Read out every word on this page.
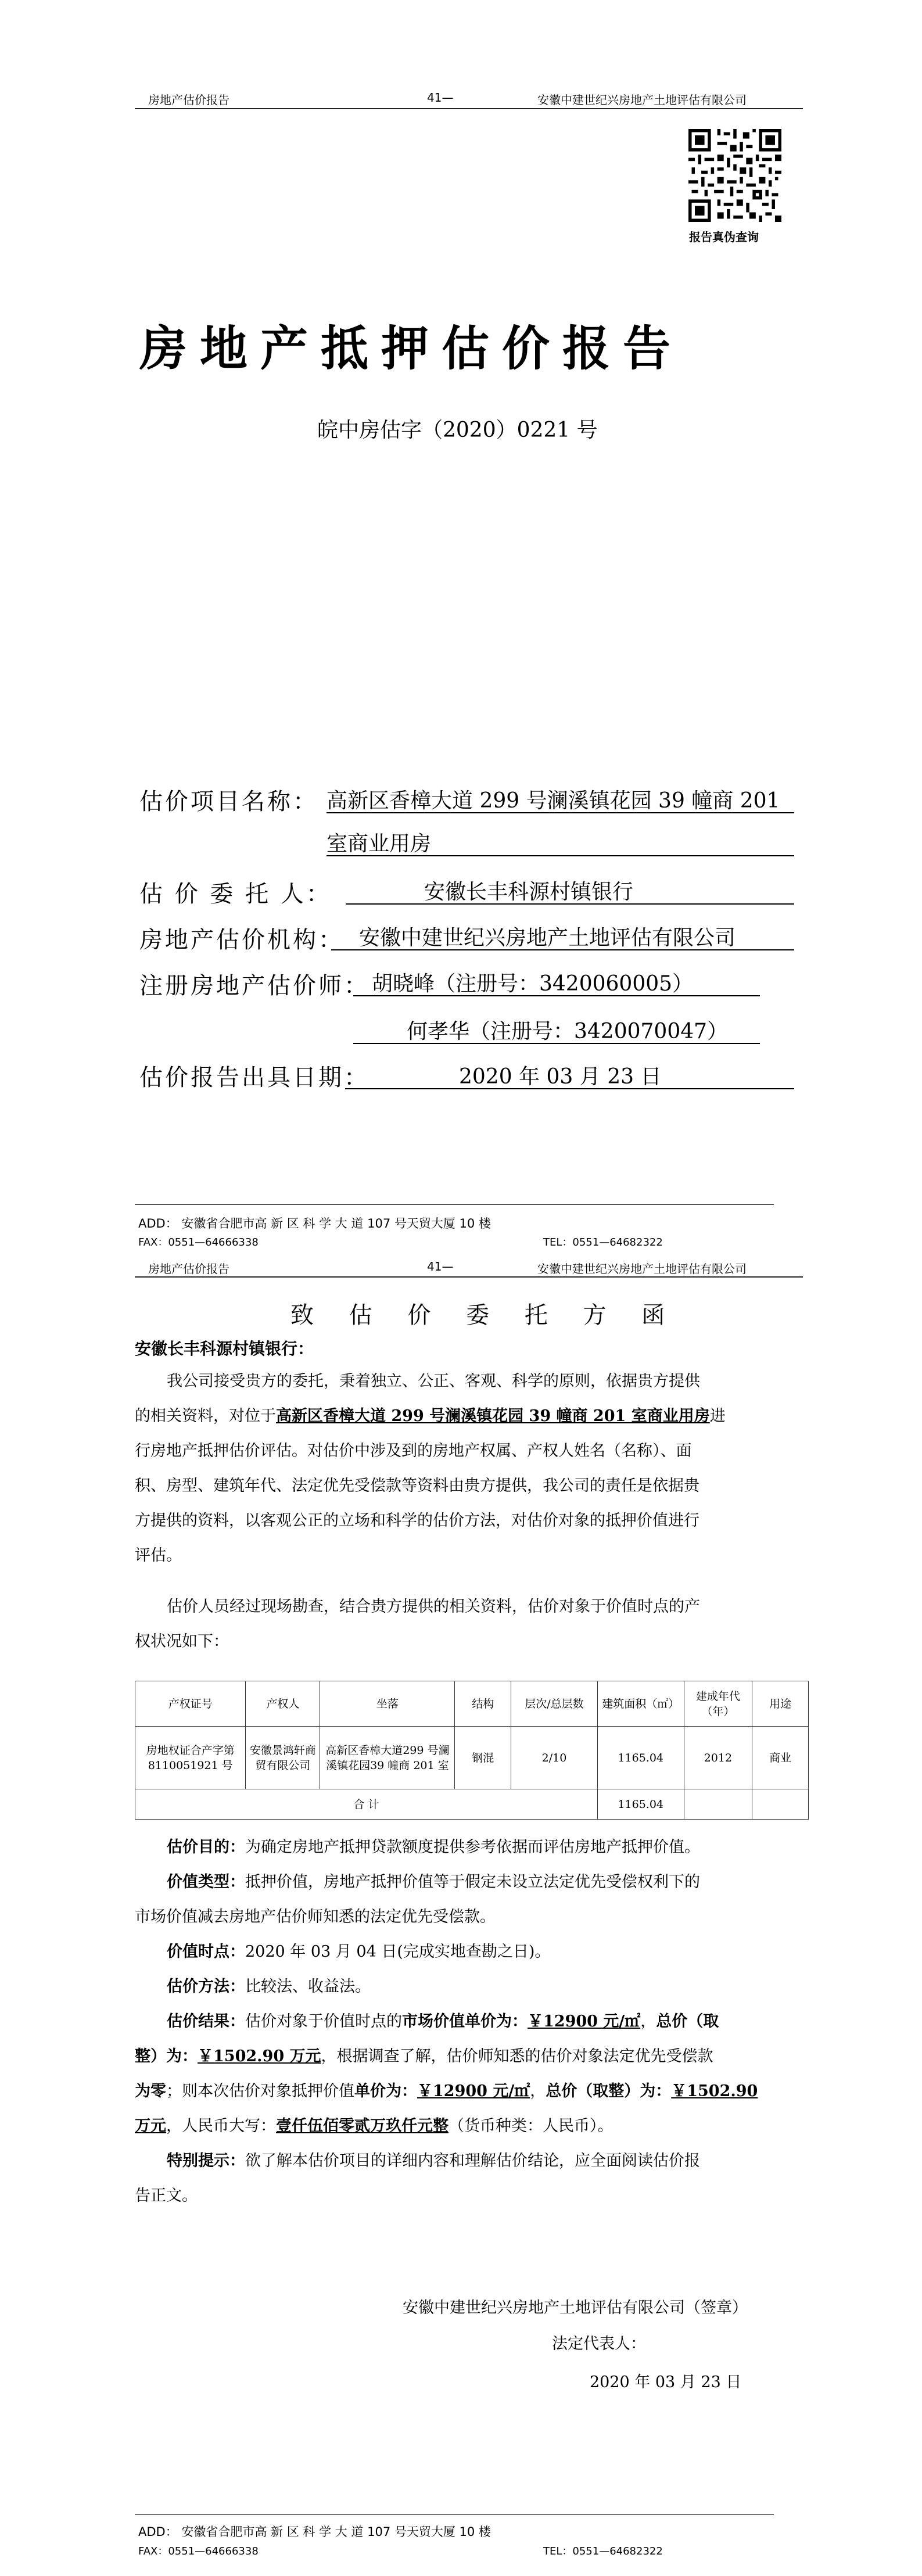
房地产估价报告	41—	安徽中建世纪兴房地产土地评估有限公司
报告真伪查询
房地产抵押估价报告
皖中房估字（2020）0221 号
估价项目名称： 高新区香樟大道 299 号澜溪镇花园 39 幢商 201
室商业用房
估 价 委 托 人：	安徽长丰科源村镇银行
房地产估价机构： 安徽中建世纪兴房地产土地评估有限公司
注册房地产估价师： 胡晓峰（注册号：3420060005）
何孝华（注册号：3420070047）
估价报告出具日期：	2020 年 03 月 23 日
ADD： 安徽省合肥市高 新 区 科 学 大 道 107 号天贸大厦 10 楼
FAX：0551—64666338	TEL：0551—64682322
房地产估价报告	41—	安徽中建世纪兴房地产土地评估有限公司
致 估 价 委 托 方 函
安徽长丰科源村镇银行：
我公司接受贵方的委托，秉着独立、公正、客观、科学的原则，依据贵方提供
的相关资料，对位于高新区香樟大道 299 号澜溪镇花园 39 幢商 201 室商业用房进
行房地产抵押估价评估。对估价中涉及到的房地产权属、产权人姓名（名称）、面
积、房型、建筑年代、法定优先受偿款等资料由贵方提供，我公司的责任是依据贵
方提供的资料，以客观公正的立场和科学的估价方法，对估价对象的抵押价值进行
评估。
估价人员经过现场勘查，结合贵方提供的相关资料，估价对象于价值时点的产
权状况如下：
产权证号	产权人	坐落	结构	层次/总层数	建筑面积（㎡）	建成年代（年）	用途
房地权证合产字第8110051921 号	安徽景鸿轩商贸有限公司	高新区香樟大道299 号澜溪镇花园39 幢商 201 室	钢混	2/10	1165.04	2012	商业
合 计					1165.04		
估价目的：为确定房地产抵押贷款额度提供参考依据而评估房地产抵押价值。
价值类型：抵押价值，房地产抵押价值等于假定未设立法定优先受偿权利下的
市场价值减去房地产估价师知悉的法定优先受偿款。
价值时点：2020 年 03 月 04 日(完成实地查勘之日)。
估价方法：比较法、收益法。
估价结果：估价对象于价值时点的市场价值单价为：￥12900 元/㎡，总价（取
整）为：￥1502.90 万元，根据调查了解，估价师知悉的估价对象法定优先受偿款
为零；则本次估价对象抵押价值单价为：￥12900 元/㎡，总价（取整）为：￥1502.90
万元，人民币大写：壹仟伍佰零贰万玖仟元整（货币种类：人民币）。
特别提示：欲了解本估价项目的详细内容和理解估价结论，应全面阅读估价报
告正文。
安徽中建世纪兴房地产土地评估有限公司（签章）
法定代表人：
2020 年 03 月 23 日
ADD： 安徽省合肥市高 新 区 科 学 大 道 107 号天贸大厦 10 楼
FAX：0551—64666338	TEL：0551—64682322
